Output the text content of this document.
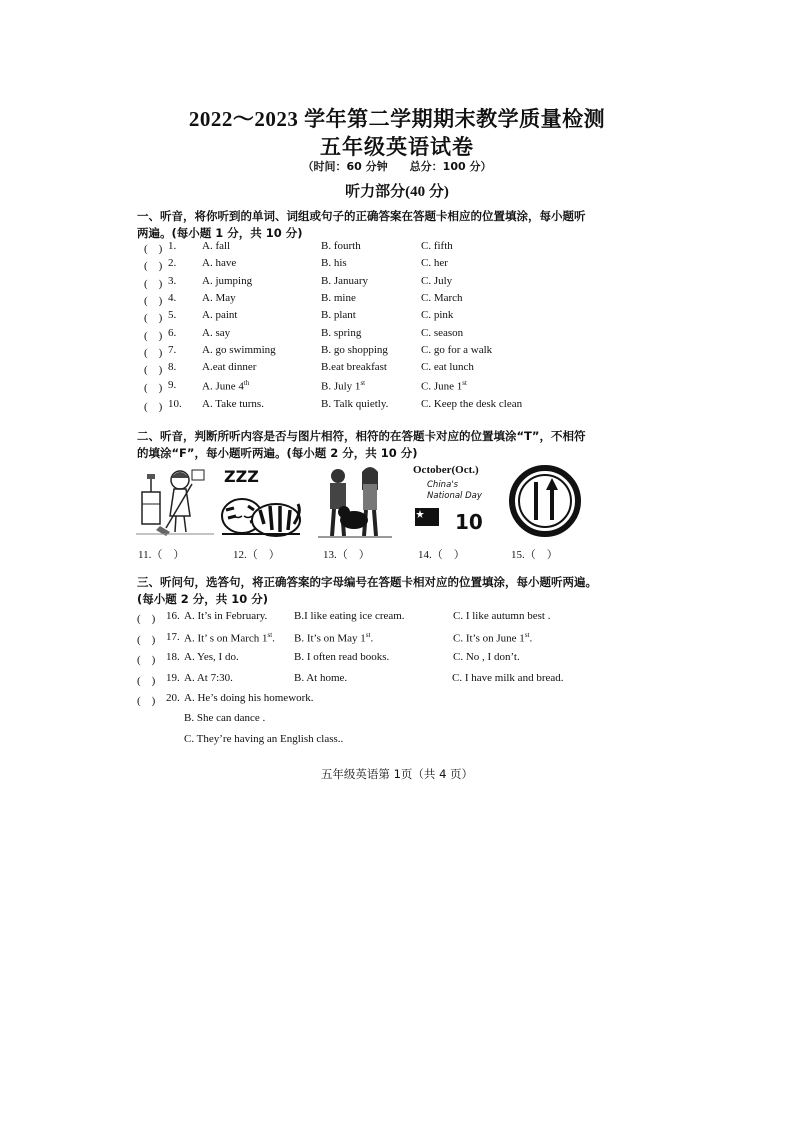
2022～2023 学年第二学期期末教学质量检测
五年级英语试卷
（时间：60 分钟　　总分：100 分）
听力部分(40 分)
一、听音，将你听到的单词、词组或句子的正确答案在答题卡相应的位置填涂，每小题听
两遍。(每小题 1 分，共 10 分)
(　) 1. A. fall	B. fourth	C. fifth
(　) 2. A. have	B. his	C. her
(　) 3. A. jumping	B. January	C. July
(　) 4. A. May	B. mine	C. March
(　) 5. A. paint	B. plant	C. pink
(　) 6. A. say	B. spring	C. season
(　) 7. A. go swimming	B. go shopping	C. go for a walk
(　) 8. A.eat dinner	B.eat breakfast	C. eat lunch
(　) 9. A. June 4th	B. July 1st	C. June 1st
(　) 10. A. Take turns.	B. Talk quietly.	C. Keep the desk clean
二、听音，判断所听内容是否与图片相符，相符的在答题卡对应的位置填涂“T”，不相符
的填涂“F”，每小题听两遍。(每小题 2 分，共 10 分)
ZZZ	October(Oct.)
China's
National Day
10
11.（　）	12.（　）	13.（　）	14.（　）	15.（　）
三、听问句，选答句，将正确答案的字母编号在答题卡相对应的位置填涂，每小题听两遍。
(每小题 2 分，共 10 分)
(　) 16. A. It’s in February. B.I like eating ice cream.	C. I like autumn best .
(　) 17. A. It’ s on March 1st. B. It’s on May 1st.	C. It’s on June 1st.
(　) 18. A. Yes, I do.	B. I often read books.	C. No , I don’t.
(　) 19. A. At 7:30.	B. At home.	C. I have milk and bread.
(　) 20. A. He’s doing his homework.
B. She can dance .
C. They’re having an English class..
五年级英语第 1页（共 4 页）
